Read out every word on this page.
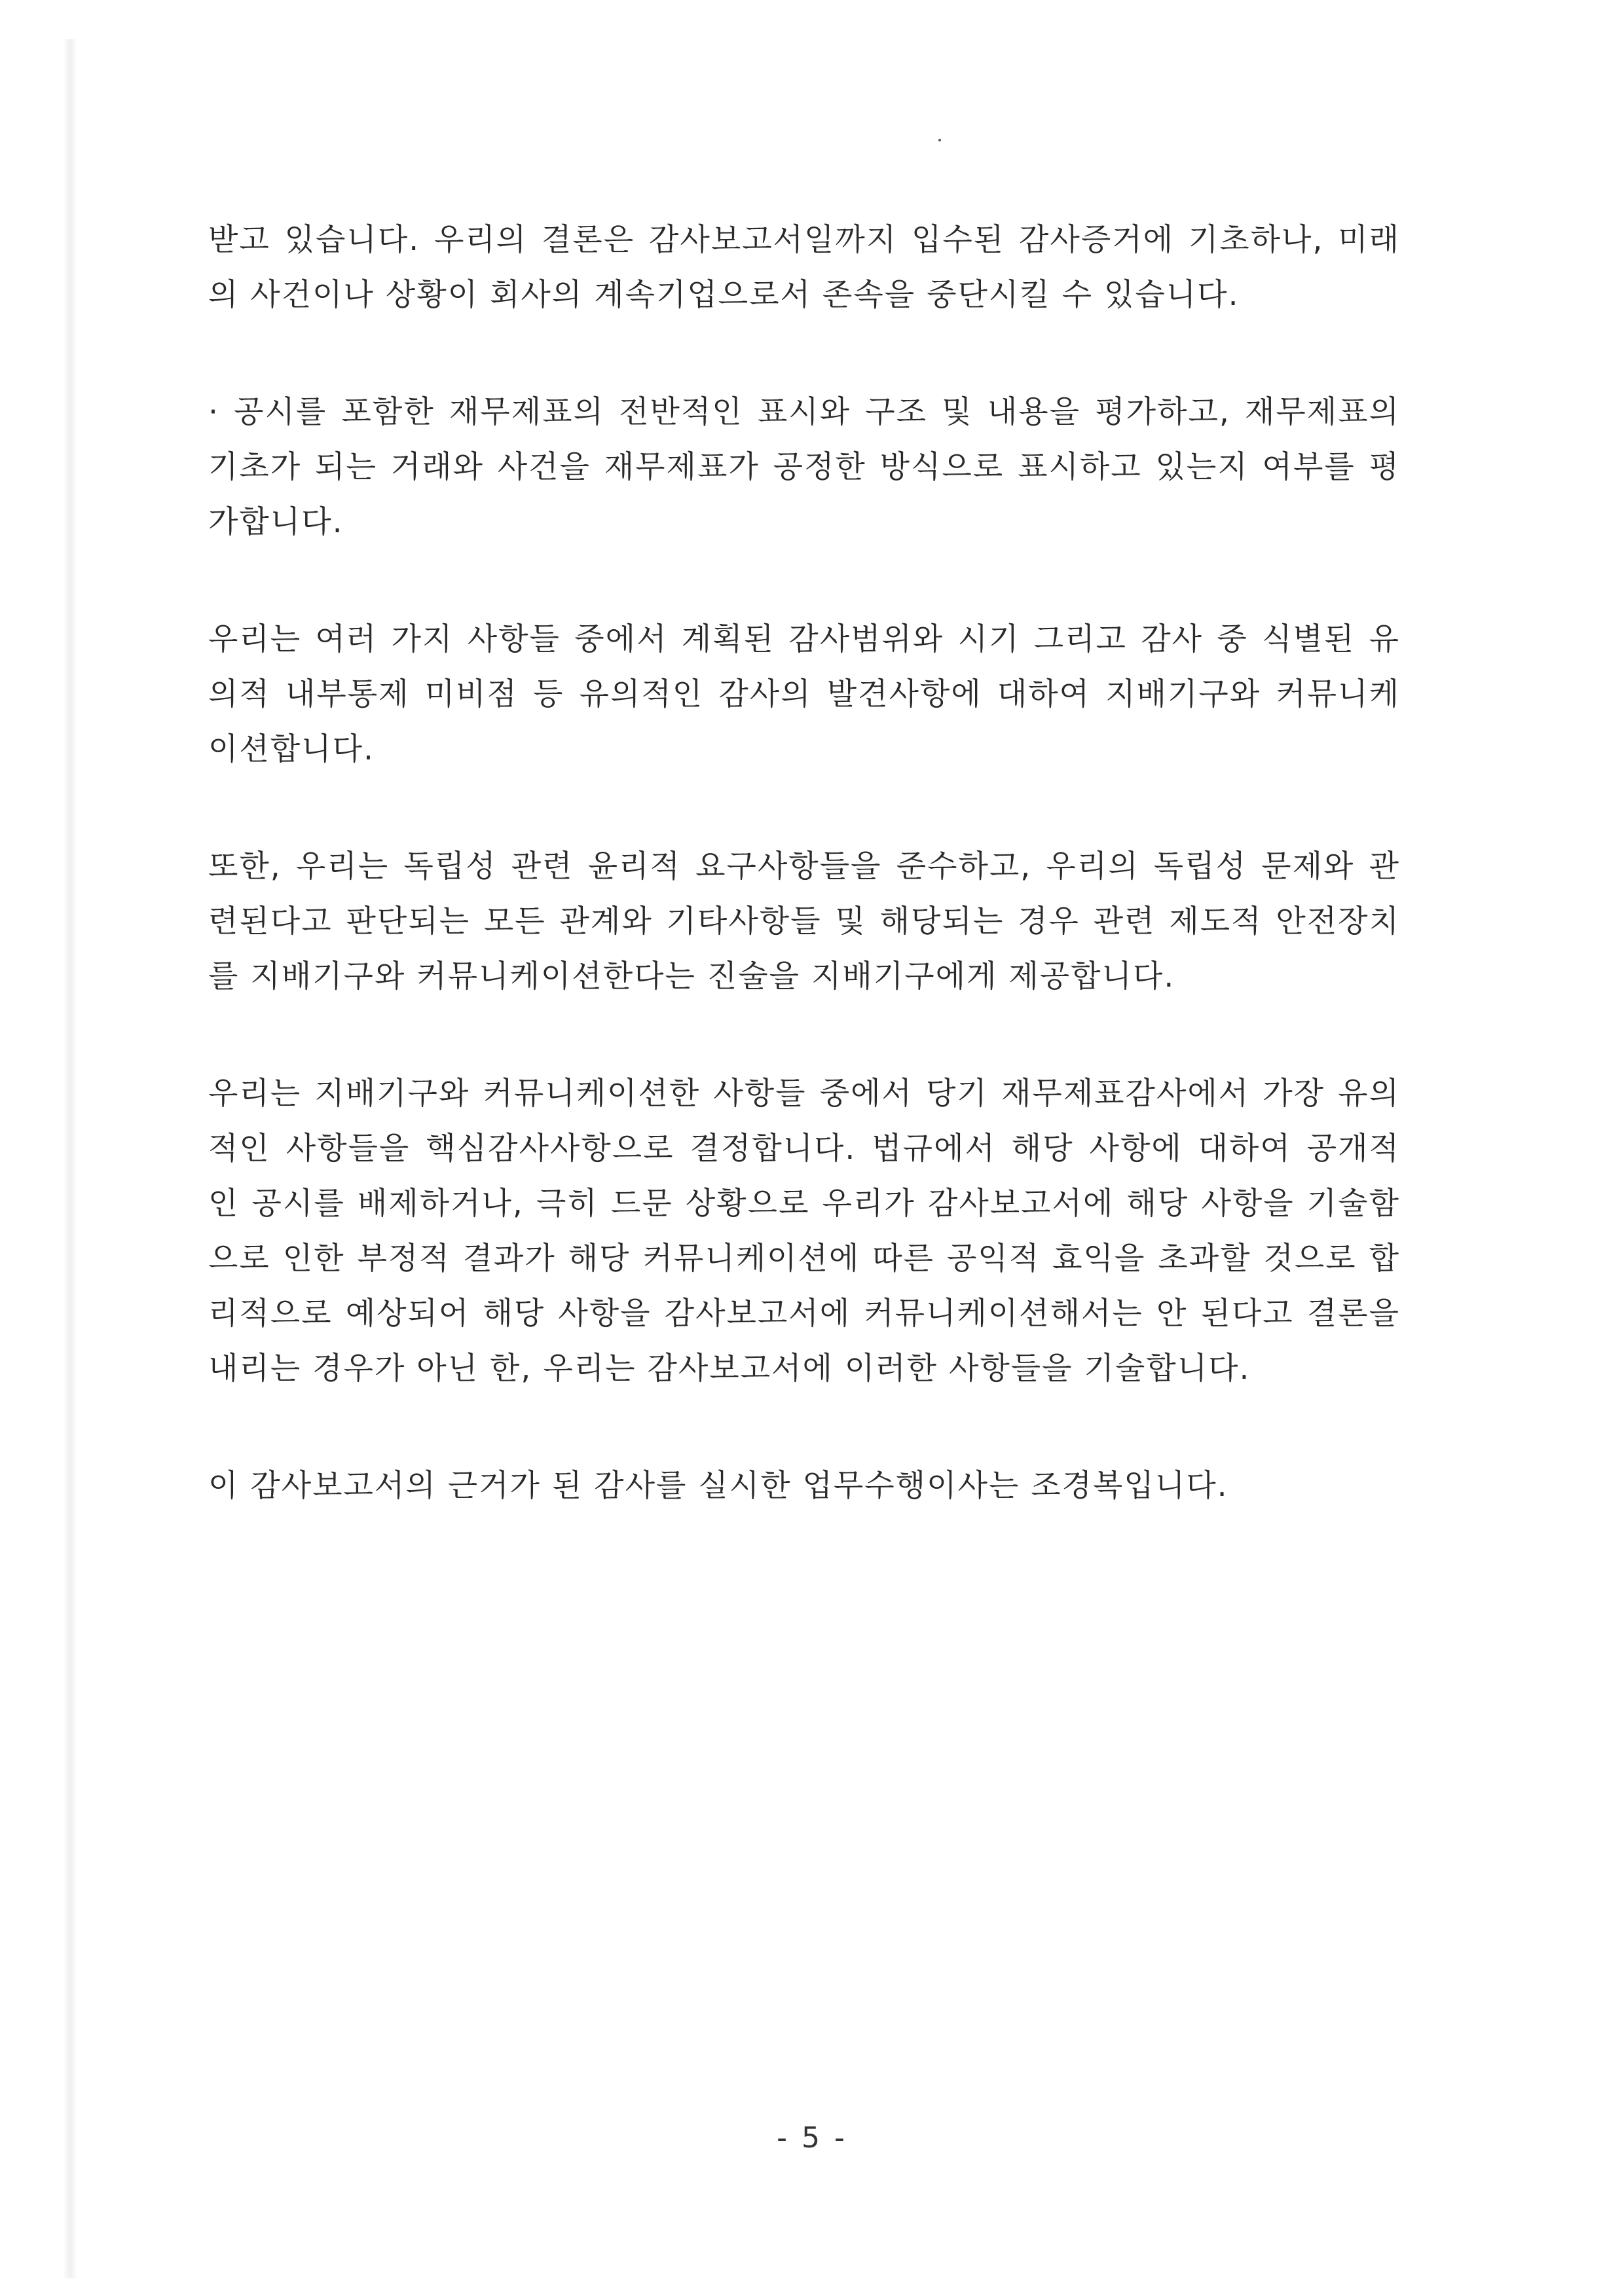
받고 있습니다. 우리의 결론은 감사보고서일까지 입수된 감사증거에 기초하나, 미래
의 사건이나 상황이 회사의 계속기업으로서 존속을 중단시킬 수 있습니다.

· 공시를 포함한 재무제표의 전반적인 표시와 구조 및 내용을 평가하고, 재무제표의
기초가 되는 거래와 사건을 재무제표가 공정한 방식으로 표시하고 있는지 여부를 평
가합니다.

우리는 여러 가지 사항들 중에서 계획된 감사범위와 시기 그리고 감사 중 식별된 유
의적 내부통제 미비점 등 유의적인 감사의 발견사항에 대하여 지배기구와 커뮤니케
이션합니다.

또한, 우리는 독립성 관련 윤리적 요구사항들을 준수하고, 우리의 독립성 문제와 관
련된다고 판단되는 모든 관계와 기타사항들 및 해당되는 경우 관련 제도적 안전장치
를 지배기구와 커뮤니케이션한다는 진술을 지배기구에게 제공합니다.

우리는 지배기구와 커뮤니케이션한 사항들 중에서 당기 재무제표감사에서 가장 유의
적인 사항들을 핵심감사사항으로 결정합니다. 법규에서 해당 사항에 대하여 공개적
인 공시를 배제하거나, 극히 드문 상황으로 우리가 감사보고서에 해당 사항을 기술함
으로 인한 부정적 결과가 해당 커뮤니케이션에 따른 공익적 효익을 초과할 것으로 합
리적으로 예상되어 해당 사항을 감사보고서에 커뮤니케이션해서는 안 된다고 결론을
내리는 경우가 아닌 한, 우리는 감사보고서에 이러한 사항들을 기술합니다.

이 감사보고서의 근거가 된 감사를 실시한 업무수행이사는 조경복입니다.

- 5 -
